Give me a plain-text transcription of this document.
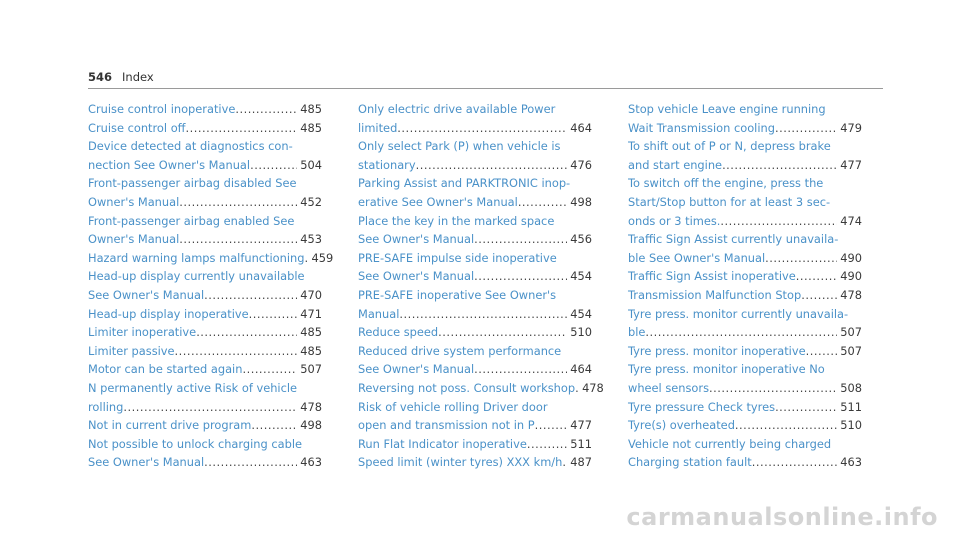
546 Index
Cruise control inoperative .....	485
Cruise control off .....	485
Device detected at diagnostics con-
nection See Owner's Manual .....	504
Front-passenger airbag disabled See
Owner's Manual .....	452
Front-passenger airbag enabled See
Owner's Manual .....	453
Hazard warning lamps malfunctioning ..... 459
Head-up display currently unavailable
See Owner's Manual .....	470
Head-up display inoperative .....	471
Limiter inoperative .....	485
Limiter passive .....	485
Motor can be started again .....	507
N permanently active Risk of vehicle
rolling .....	478
Not in current drive program .....	498
Not possible to unlock charging cable
See Owner's Manual .....	463
Only electric drive available Power
limited .....	464
Only select Park (P) when vehicle is
stationary .....	476
Parking Assist and PARKTRONIC inop-
erative See Owner's Manual .....	498
Place the key in the marked space
See Owner's Manual .....	456
PRE-SAFE impulse side inoperative
See Owner's Manual .....	454
PRE-SAFE inoperative See Owner's
Manual .....	454
Reduce speed .....	510
Reduced drive system performance
See Owner's Manual .....	464
Reversing not poss. Consult workshop ..... 478
Risk of vehicle rolling Driver door
open and transmission not in P .....	477
Run Flat Indicator inoperative .....	511
Speed limit (winter tyres) XXX km/h ..... 487
Stop vehicle Leave engine running
Wait Transmission cooling .....	479
To shift out of P or N, depress brake
and start engine .....	477
To switch off the engine, press the
Start/Stop button for at least 3 sec-
onds or 3 times. .....	474
Traffic Sign Assist currently unavaila-
ble See Owner's Manual .....	490
Traffic Sign Assist inoperative .....	490
Transmission Malfunction Stop .....	478
Tyre press. monitor currently unavaila-
ble .....	507
Tyre press. monitor inoperative .....	507
Tyre press. monitor inoperative No
wheel sensors .....	508
Tyre pressure Check tyres .....	511
Tyre(s) overheated .....	510
Vehicle not currently being charged
Charging station fault .....	463
carmanualsonline.info
